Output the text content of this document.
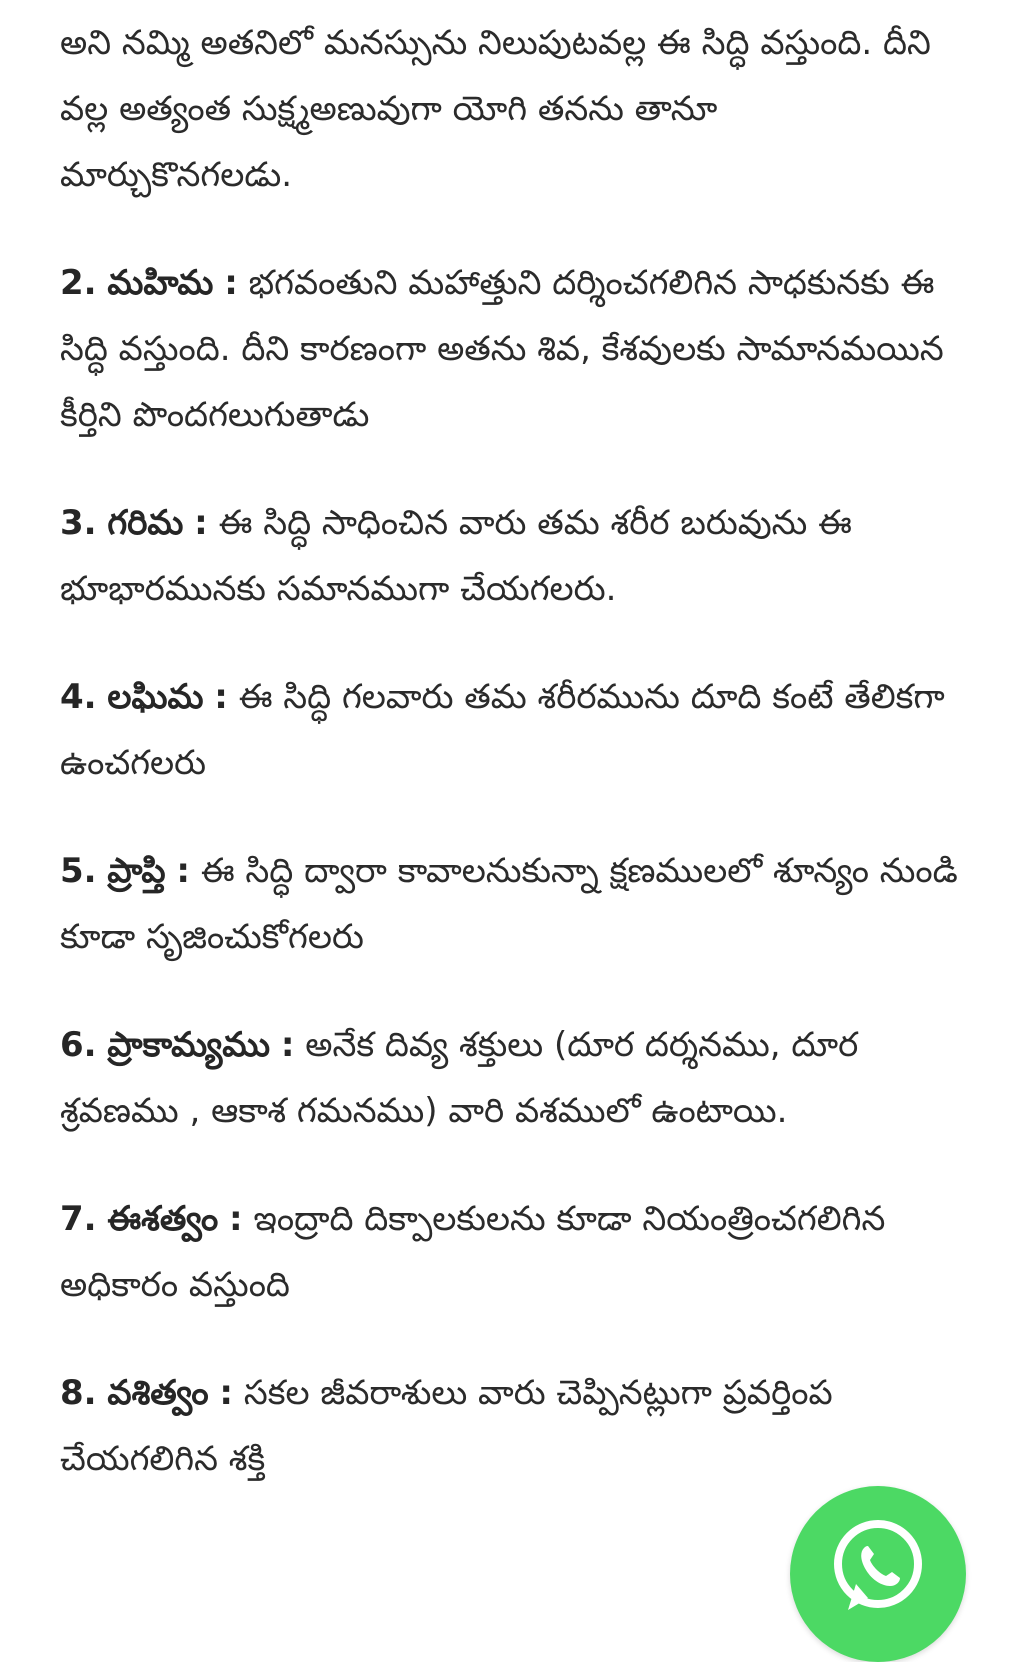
అని నమ్మి అతనిలో మనస్సును నిలుపుటవల్ల ఈ సిద్ధి వస్తుంది. దీని వల్ల అత్యంత సుక్ష్మఅణువుగా యోగి తనను తానూ మార్చుకొనగలడు.

2. మహిమ : భగవంతుని మహాత్తుని దర్శించగలిగిన సాధకునకు ఈ సిద్ధి వస్తుంది. దీని కారణంగా అతను శివ, కేశవులకు సామానమయిన కీర్తిని పొందగలుగుతాడు

3. గరిమ : ఈ సిద్ధి సాధించిన వారు తమ శరీర బరువును ఈ భూభారమునకు సమానముగా చేయగలరు.

4. లఘిమ : ఈ సిద్ధి గలవారు తమ శరీరమును దూది కంటే తేలికగా ఉంచగలరు

5. ప్రాప్తి : ఈ సిద్ధి ద్వారా కావాలనుకున్నా క్షణములలో శూన్యం నుండి కూడా సృజించుకోగలరు

6. ప్రాకామ్యము : అనేక దివ్య శక్తులు (దూర దర్శనము, దూర శ్రవణము , ఆకాశ గమనము) వారి వశములో ఉంటాయి.

7. ఈశత్వం : ఇంద్రాది దిక్పాలకులను కూడా నియంత్రించగలిగిన అధికారం వస్తుంది

8. వశిత్వం : సకల జీవరాశులు వారు చెప్పినట్లుగా ప్రవర్తింప చేయగలిగిన శక్తి
